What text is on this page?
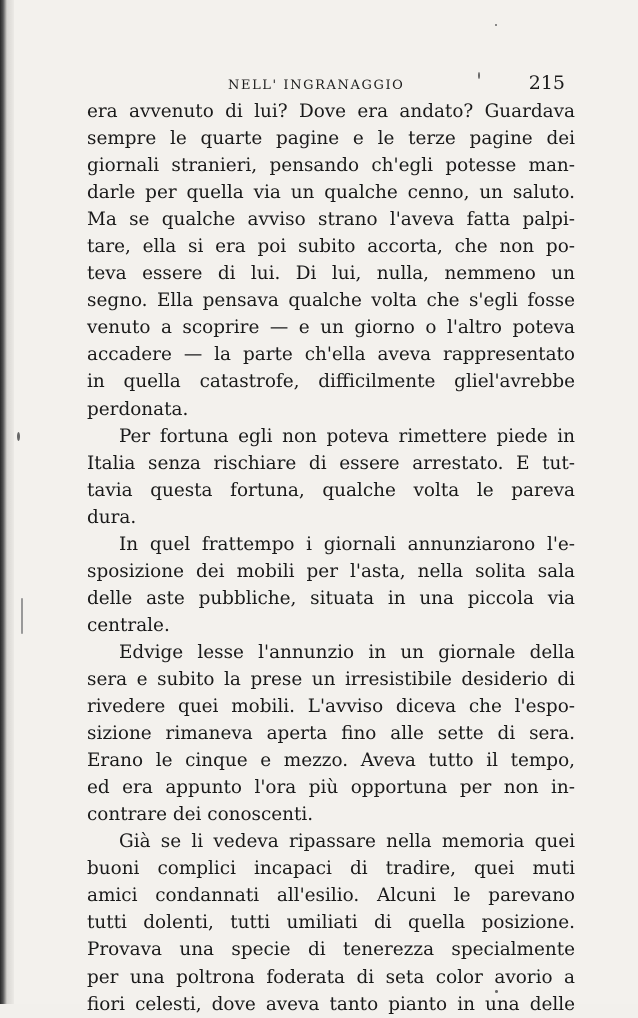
NELL' INGRANAGGIO	215
era avvenuto di lui? Dove era andato? Guardava
sempre le quarte pagine e le terze pagine dei
giornali stranieri, pensando ch'egli potesse man-
darle per quella via un qualche cenno, un saluto.
Ma se qualche avviso strano l'aveva fatta palpi-
tare, ella si era poi subito accorta, che non po-
teva essere di lui. Di lui, nulla, nemmeno un
segno. Ella pensava qualche volta che s'egli fosse
venuto a scoprire — e un giorno o l'altro poteva
accadere — la parte ch'ella aveva rappresentato
in quella catastrofe, difficilmente gliel'avrebbe
perdonata.
Per fortuna egli non poteva rimettere piede in
Italia senza rischiare di essere arrestato. E tut-
tavia questa fortuna, qualche volta le pareva
dura.
In quel frattempo i giornali annunziarono l'e-
sposizione dei mobili per l'asta, nella solita sala
delle aste pubbliche, situata in una piccola via
centrale.
Edvige lesse l'annunzio in un giornale della
sera e subito la prese un irresistibile desiderio di
rivedere quei mobili. L'avviso diceva che l'espo-
sizione rimaneva aperta fino alle sette di sera.
Erano le cinque e mezzo. Aveva tutto il tempo,
ed era appunto l'ora più opportuna per non in-
contrare dei conoscenti.
Già se li vedeva ripassare nella memoria quei
buoni complici incapaci di tradire, quei muti
amici condannati all'esilio. Alcuni le parevano
tutti dolenti, tutti umiliati di quella posizione.
Provava una specie di tenerezza specialmente
per una poltrona foderata di seta color avorio a
fiori celesti, dove aveva tanto pianto in una delle
